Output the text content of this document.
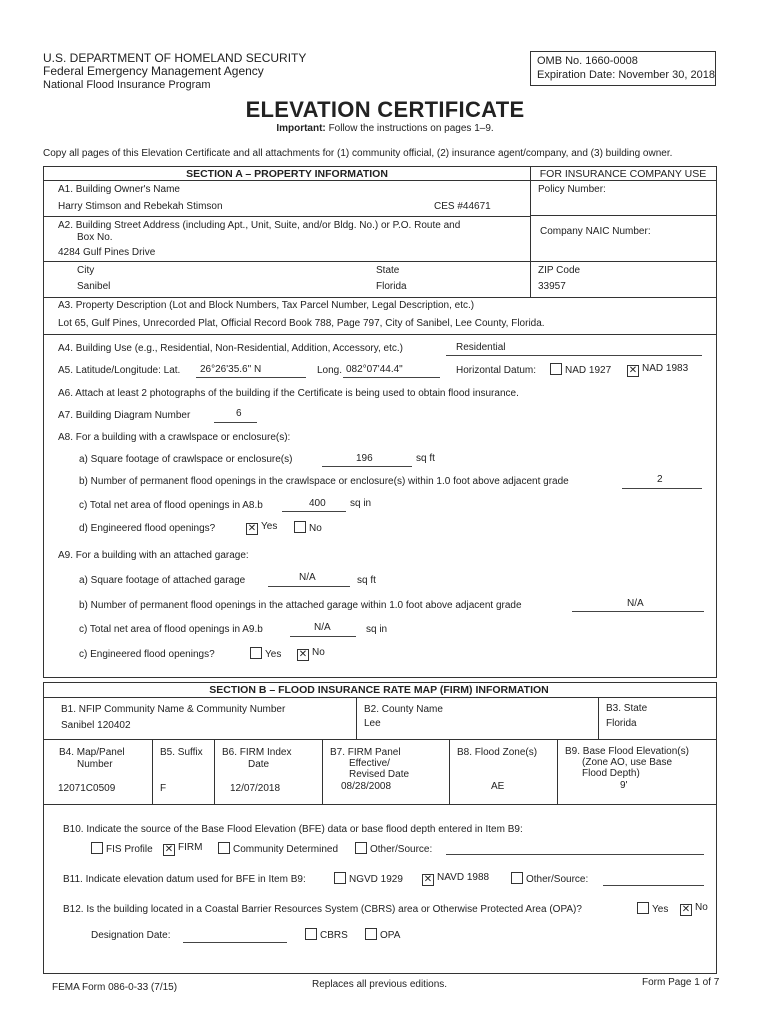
U.S. DEPARTMENT OF HOMELAND SECURITY
Federal Emergency Management Agency
National Flood Insurance Program
OMB No. 1660-0008
Expiration Date: November 30, 2018
ELEVATION CERTIFICATE
Important: Follow the instructions on pages 1–9.
Copy all pages of this Elevation Certificate and all attachments for (1) community official, (2) insurance agent/company, and (3) building owner.
SECTION A – PROPERTY INFORMATION	FOR INSURANCE COMPANY USE
Policy Number:
Company NAIC Number:
A1. Building Owner's Name
Harry Stimson and Rebekah Stimson	CES #44671
A2. Building Street Address (including Apt., Unit, Suite, and/or Bldg. No.) or P.O. Route and
Box No.
4284 Gulf Pines Drive
City
Sanibel
State
Florida
ZIP Code
33957
A3. Property Description (Lot and Block Numbers, Tax Parcel Number, Legal Description, etc.)
Lot 65, Gulf Pines, Unrecorded Plat, Official Record Book 788, Page 797, City of Sanibel, Lee County, Florida.
A4. Building Use (e.g., Residential, Non-Residential, Addition, Accessory, etc.)	Residential
A5. Latitude/Longitude: Lat. 26°26'35.6" N	Long. 082°07'44.4"	Horizontal Datum:	NAD 1927 ✕ NAD 1983
A6. Attach at least 2 photographs of the building if the Certificate is being used to obtain flood insurance.
A7. Building Diagram Number	6
A8. For a building with a crawlspace or enclosure(s):
a) Square footage of crawlspace or enclosure(s)	196	sq ft
b) Number of permanent flood openings in the crawlspace or enclosure(s) within 1.0 foot above adjacent grade	2
c) Total net area of flood openings in A8.b	400 sq in
d) Engineered flood openings?	✕ Yes	No
A9. For a building with an attached garage:
a) Square footage of attached garage	N/A	sq ft
b) Number of permanent flood openings in the attached garage within 1.0 foot above adjacent grade	N/A
c) Total net area of flood openings in A9.b	N/A	sq in
c) Engineered flood openings?	Yes ✕ No
SECTION B – FLOOD INSURANCE RATE MAP (FIRM) INFORMATION
B1. NFIP Community Name & Community Number
Sanibel 120402
B2. County Name
Lee
B3. State
Florida
B4. Map/Panel
Number
12071C0509
B5. Suffix
F
B6. FIRM Index
Date
12/07/2018
B7. FIRM Panel
Effective/
Revised Date
08/28/2008
B8. Flood Zone(s)
AE
B9. Base Flood Elevation(s)
(Zone AO, use Base
Flood Depth)
9'
B10. Indicate the source of the Base Flood Elevation (BFE) data or base flood depth entered in Item B9:
FIS Profile ✕ FIRM	Community Determined	Other/Source:
B11. Indicate elevation datum used for BFE in Item B9:	NGVD 1929 ✕ NAVD 1988	Other/Source:
B12. Is the building located in a Coastal Barrier Resources System (CBRS) area or Otherwise Protected Area (OPA)?	Yes ✕ No
Designation Date:	CBRS	OPA
FEMA Form 086-0-33 (7/15)	Replaces all previous editions.	Form Page 1 of 7
